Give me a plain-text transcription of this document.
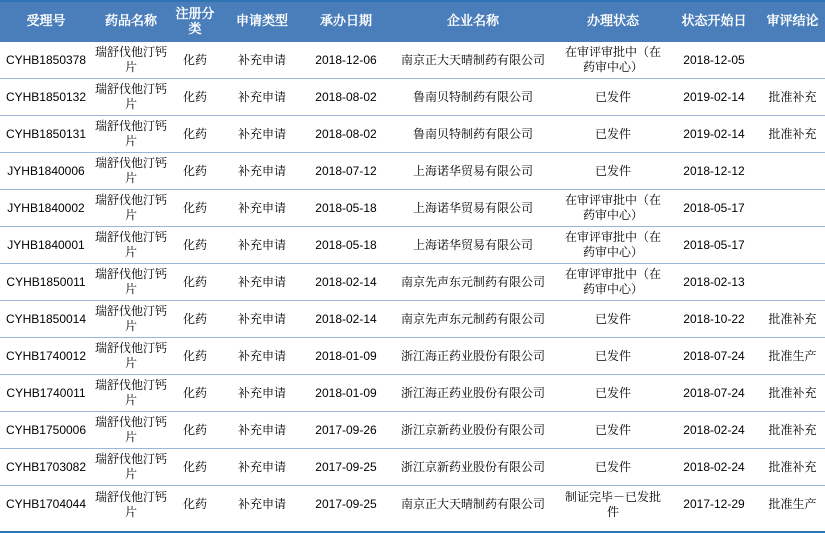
受理号	药品名称	注册分类	申请类型	承办日期	企业名称	办理状态	状态开始日	审评结论
CYHB1850378	瑞舒伐他汀钙片	化药	补充申请	2018-12-06	南京正大天晴制药有限公司	在审评审批中（在药审中心）	2018-12-05	
CYHB1850132	瑞舒伐他汀钙片	化药	补充申请	2018-08-02	鲁南贝特制药有限公司	已发件	2019-02-14	批准补充
CYHB1850131	瑞舒伐他汀钙片	化药	补充申请	2018-08-02	鲁南贝特制药有限公司	已发件	2019-02-14	批准补充
JYHB1840006	瑞舒伐他汀钙片	化药	补充申请	2018-07-12	上海诺华贸易有限公司	已发件	2018-12-12	
JYHB1840002	瑞舒伐他汀钙片	化药	补充申请	2018-05-18	上海诺华贸易有限公司	在审评审批中（在药审中心）	2018-05-17	
JYHB1840001	瑞舒伐他汀钙片	化药	补充申请	2018-05-18	上海诺华贸易有限公司	在审评审批中（在药审中心）	2018-05-17	
CYHB1850011	瑞舒伐他汀钙片	化药	补充申请	2018-02-14	南京先声东元制药有限公司	在审评审批中（在药审中心）	2018-02-13	
CYHB1850014	瑞舒伐他汀钙片	化药	补充申请	2018-02-14	南京先声东元制药有限公司	已发件	2018-10-22	批准补充
CYHB1740012	瑞舒伐他汀钙片	化药	补充申请	2018-01-09	浙江海正药业股份有限公司	已发件	2018-07-24	批准生产
CYHB1740011	瑞舒伐他汀钙片	化药	补充申请	2018-01-09	浙江海正药业股份有限公司	已发件	2018-07-24	批准补充
CYHB1750006	瑞舒伐他汀钙片	化药	补充申请	2017-09-26	浙江京新药业股份有限公司	已发件	2018-02-24	批准补充
CYHB1703082	瑞舒伐他汀钙片	化药	补充申请	2017-09-25	浙江京新药业股份有限公司	已发件	2018-02-24	批准补充
CYHB1704044	瑞舒伐他汀钙片	化药	补充申请	2017-09-25	南京正大天晴制药有限公司	制证完毕－已发批件	2017-12-29	批准生产
